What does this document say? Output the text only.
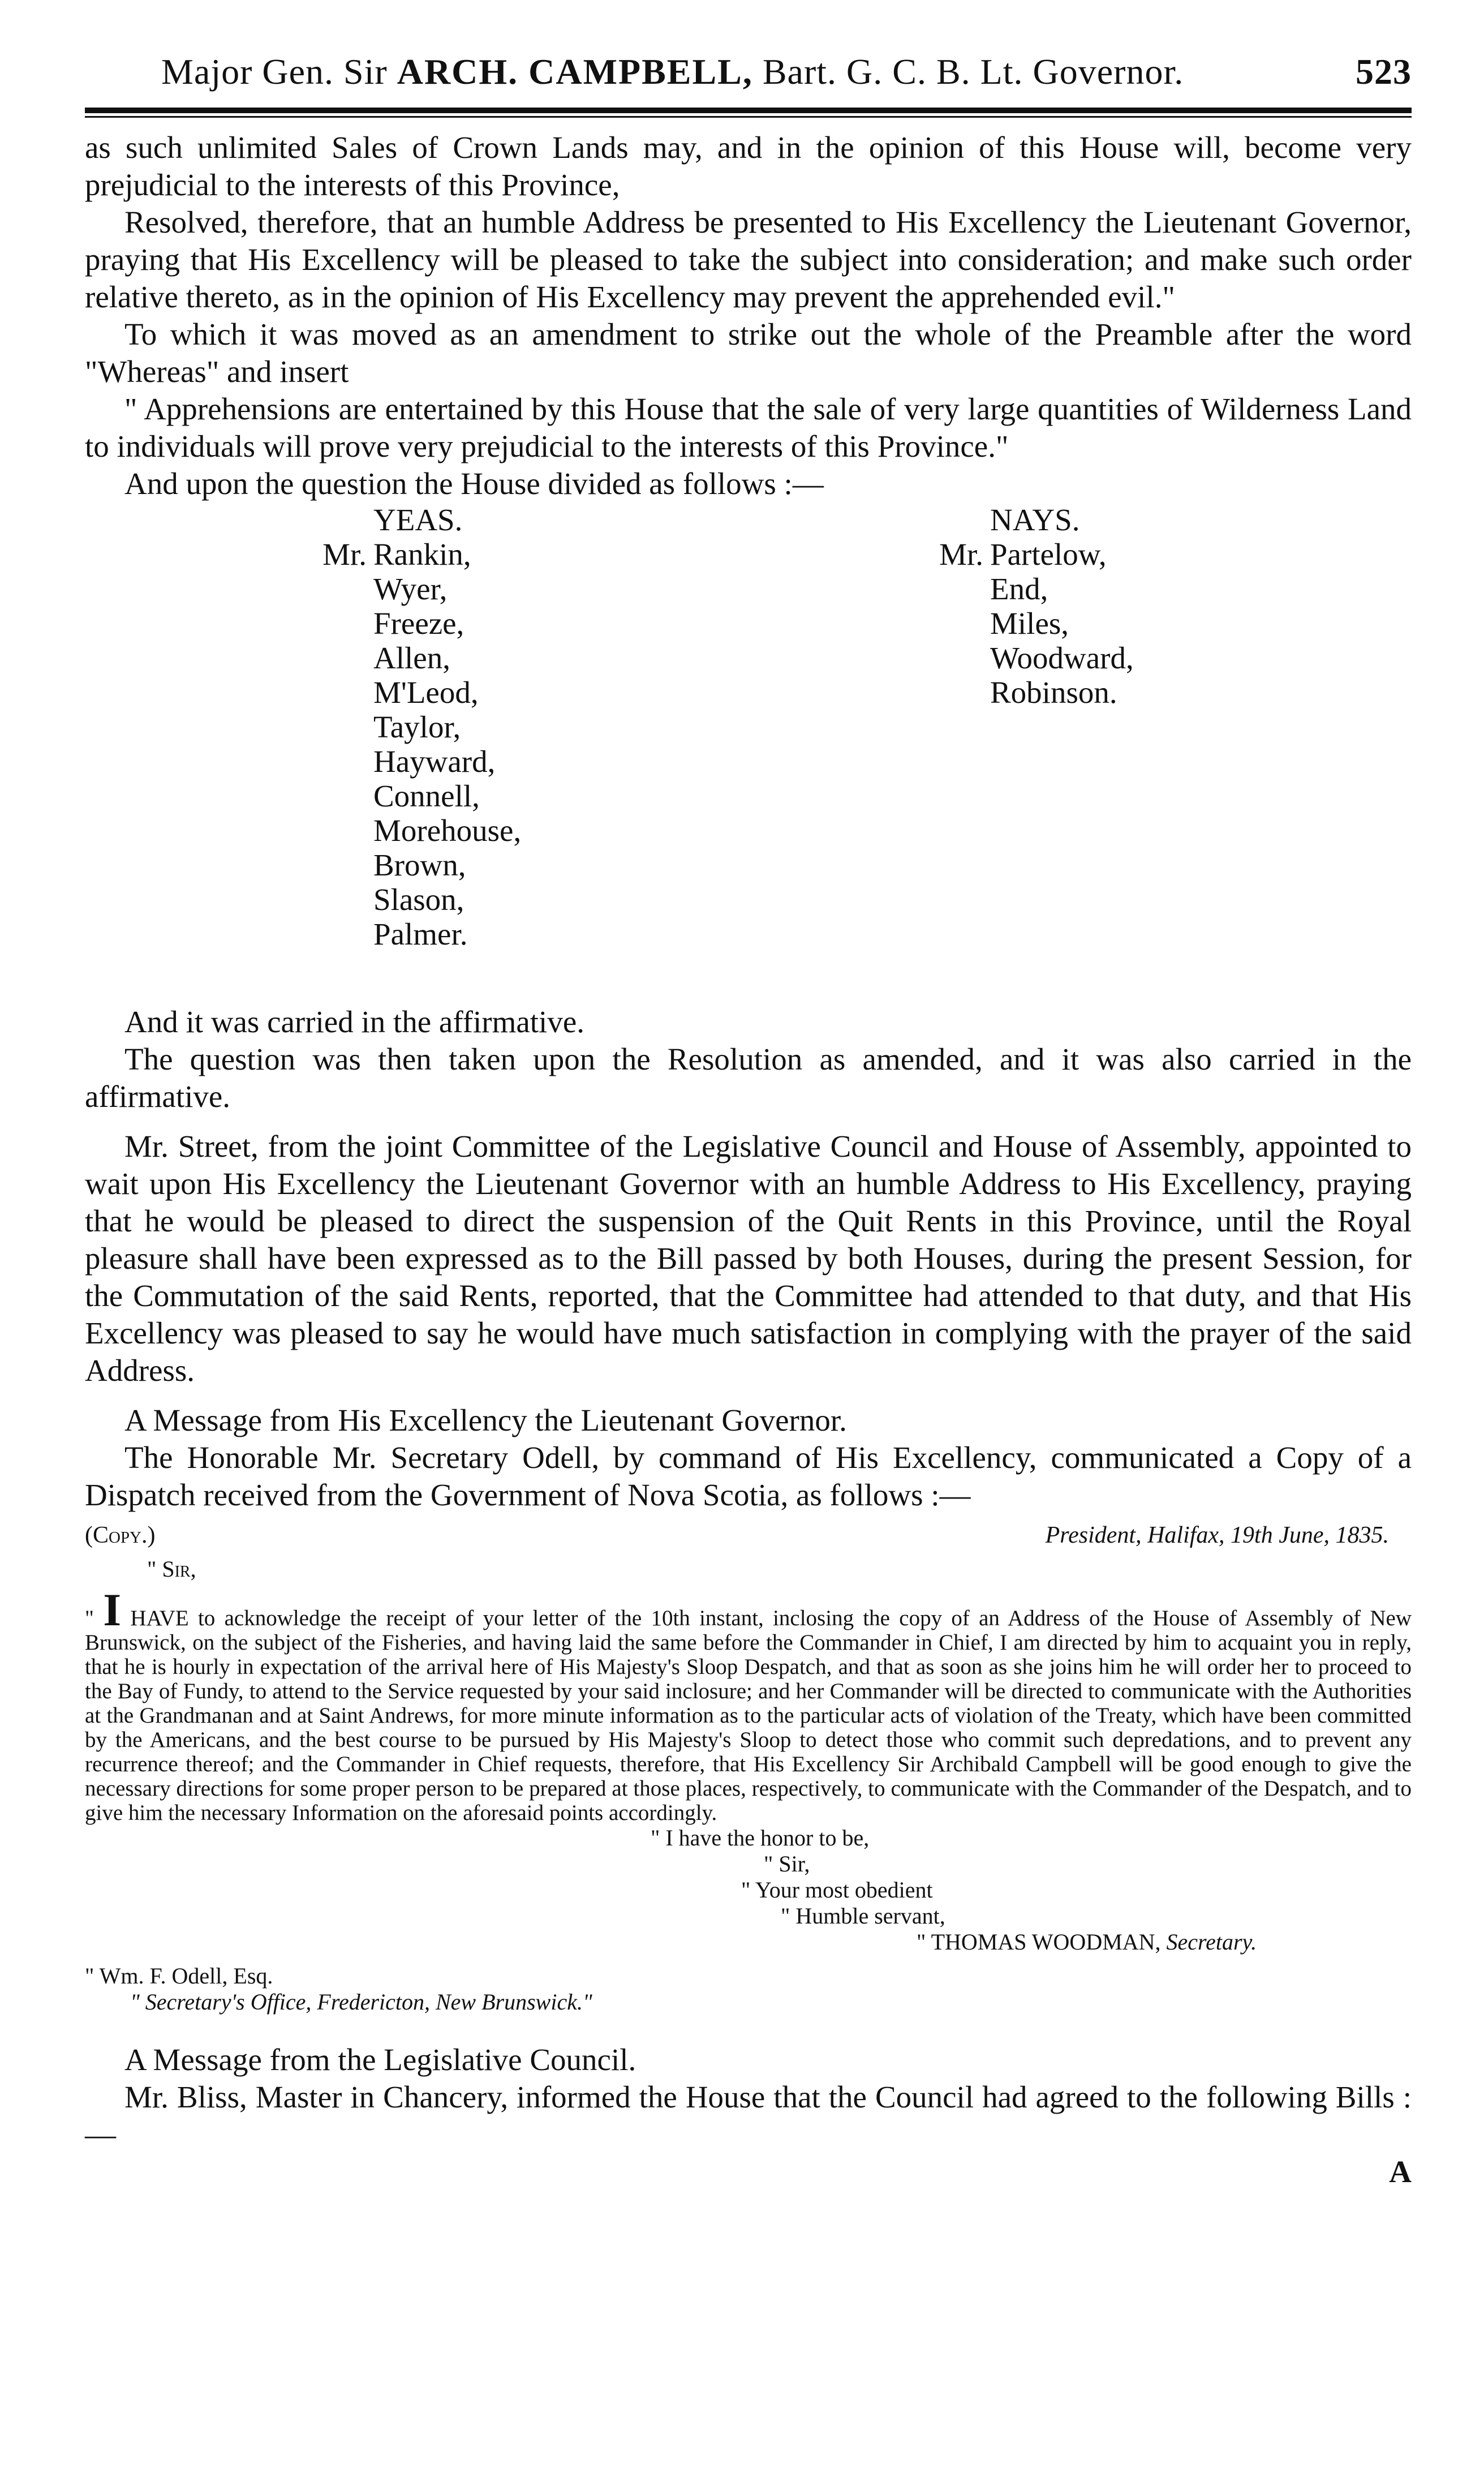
Major Gen. Sir ARCH. CAMPBELL, Bart. G. C. B. Lt. Governor.	523

as such unlimited Sales of Crown Lands may, and in the opinion of this House will, become very prejudicial to the interests of this Province,

Resolved, therefore, that an humble Address be presented to His Excellency the Lieutenant Governor, praying that His Excellency will be pleased to take the subject into consideration; and make such order relative thereto, as in the opinion of His Excellency may prevent the apprehended evil."

To which it was moved as an amendment to strike out the whole of the Preamble after the word "Whereas" and insert

" Apprehensions are entertained by this House that the sale of very large quantities of Wilderness Land to individuals will prove very prejudicial to the interests of this Province."

And upon the question the House divided as follows :—

YEAS.
Mr. Rankin,
Wyer,
Freeze,
Allen,
M'Leod,
Taylor,
Hayward,
Connell,
Morehouse,
Brown,
Slason,
Palmer.
NAYS.
Mr. Partelow,
End,
Miles,
Woodward,
Robinson.

And it was carried in the affirmative.

The question was then taken upon the Resolution as amended, and it was also carried in the affirmative.

Mr. Street, from the joint Committee of the Legislative Council and House of Assembly, appointed to wait upon His Excellency the Lieutenant Governor with an humble Address to His Excellency, praying that he would be pleased to direct the suspension of the Quit Rents in this Province, until the Royal pleasure shall have been expressed as to the Bill passed by both Houses, during the present Session, for the Commutation of the said Rents, reported, that the Committee had attended to that duty, and that His Excellency was pleased to say he would have much satisfaction in complying with the prayer of the said Address.

A Message from His Excellency the Lieutenant Governor.

The Honorable Mr. Secretary Odell, by command of His Excellency, communicated a Copy of a Dispatch received from the Government of Nova Scotia, as follows :—

(Copy.)	President, Halifax, 19th June, 1835.
" Sir,
" I HAVE to acknowledge the receipt of your letter of the 10th instant, inclosing the copy of an Address of the House of Assembly of New Brunswick, on the subject of the Fisheries, and having laid the same before the Commander in Chief, I am directed by him to acquaint you in reply, that he is hourly in expectation of the arrival here of His Majesty's Sloop Despatch, and that as soon as she joins him he will order her to proceed to the Bay of Fundy, to attend to the Service requested by your said inclosure; and her Commander will be directed to communicate with the Authorities at the Grandmanan and at Saint Andrews, for more minute information as to the particular acts of violation of the Treaty, which have been committed by the Americans, and the best course to be pursued by His Majesty's Sloop to detect those who commit such depredations, and to prevent any recurrence thereof; and the Commander in Chief requests, therefore, that His Excellency Sir Archibald Campbell will be good enough to give the necessary directions for some proper person to be prepared at those places, respectively, to communicate with the Commander of the Despatch, and to give him the necessary Information on the aforesaid points accordingly.
" I have the honor to be,
" Sir,
" Your most obedient
" Humble servant,
" THOMAS WOODMAN, Secretary.
" Wm. F. Odell, Esq.
" Secretary's Office, Fredericton, New Brunswick."

A Message from the Legislative Council.

Mr. Bliss, Master in Chancery, informed the House that the Council had agreed to the following Bills :—

A
